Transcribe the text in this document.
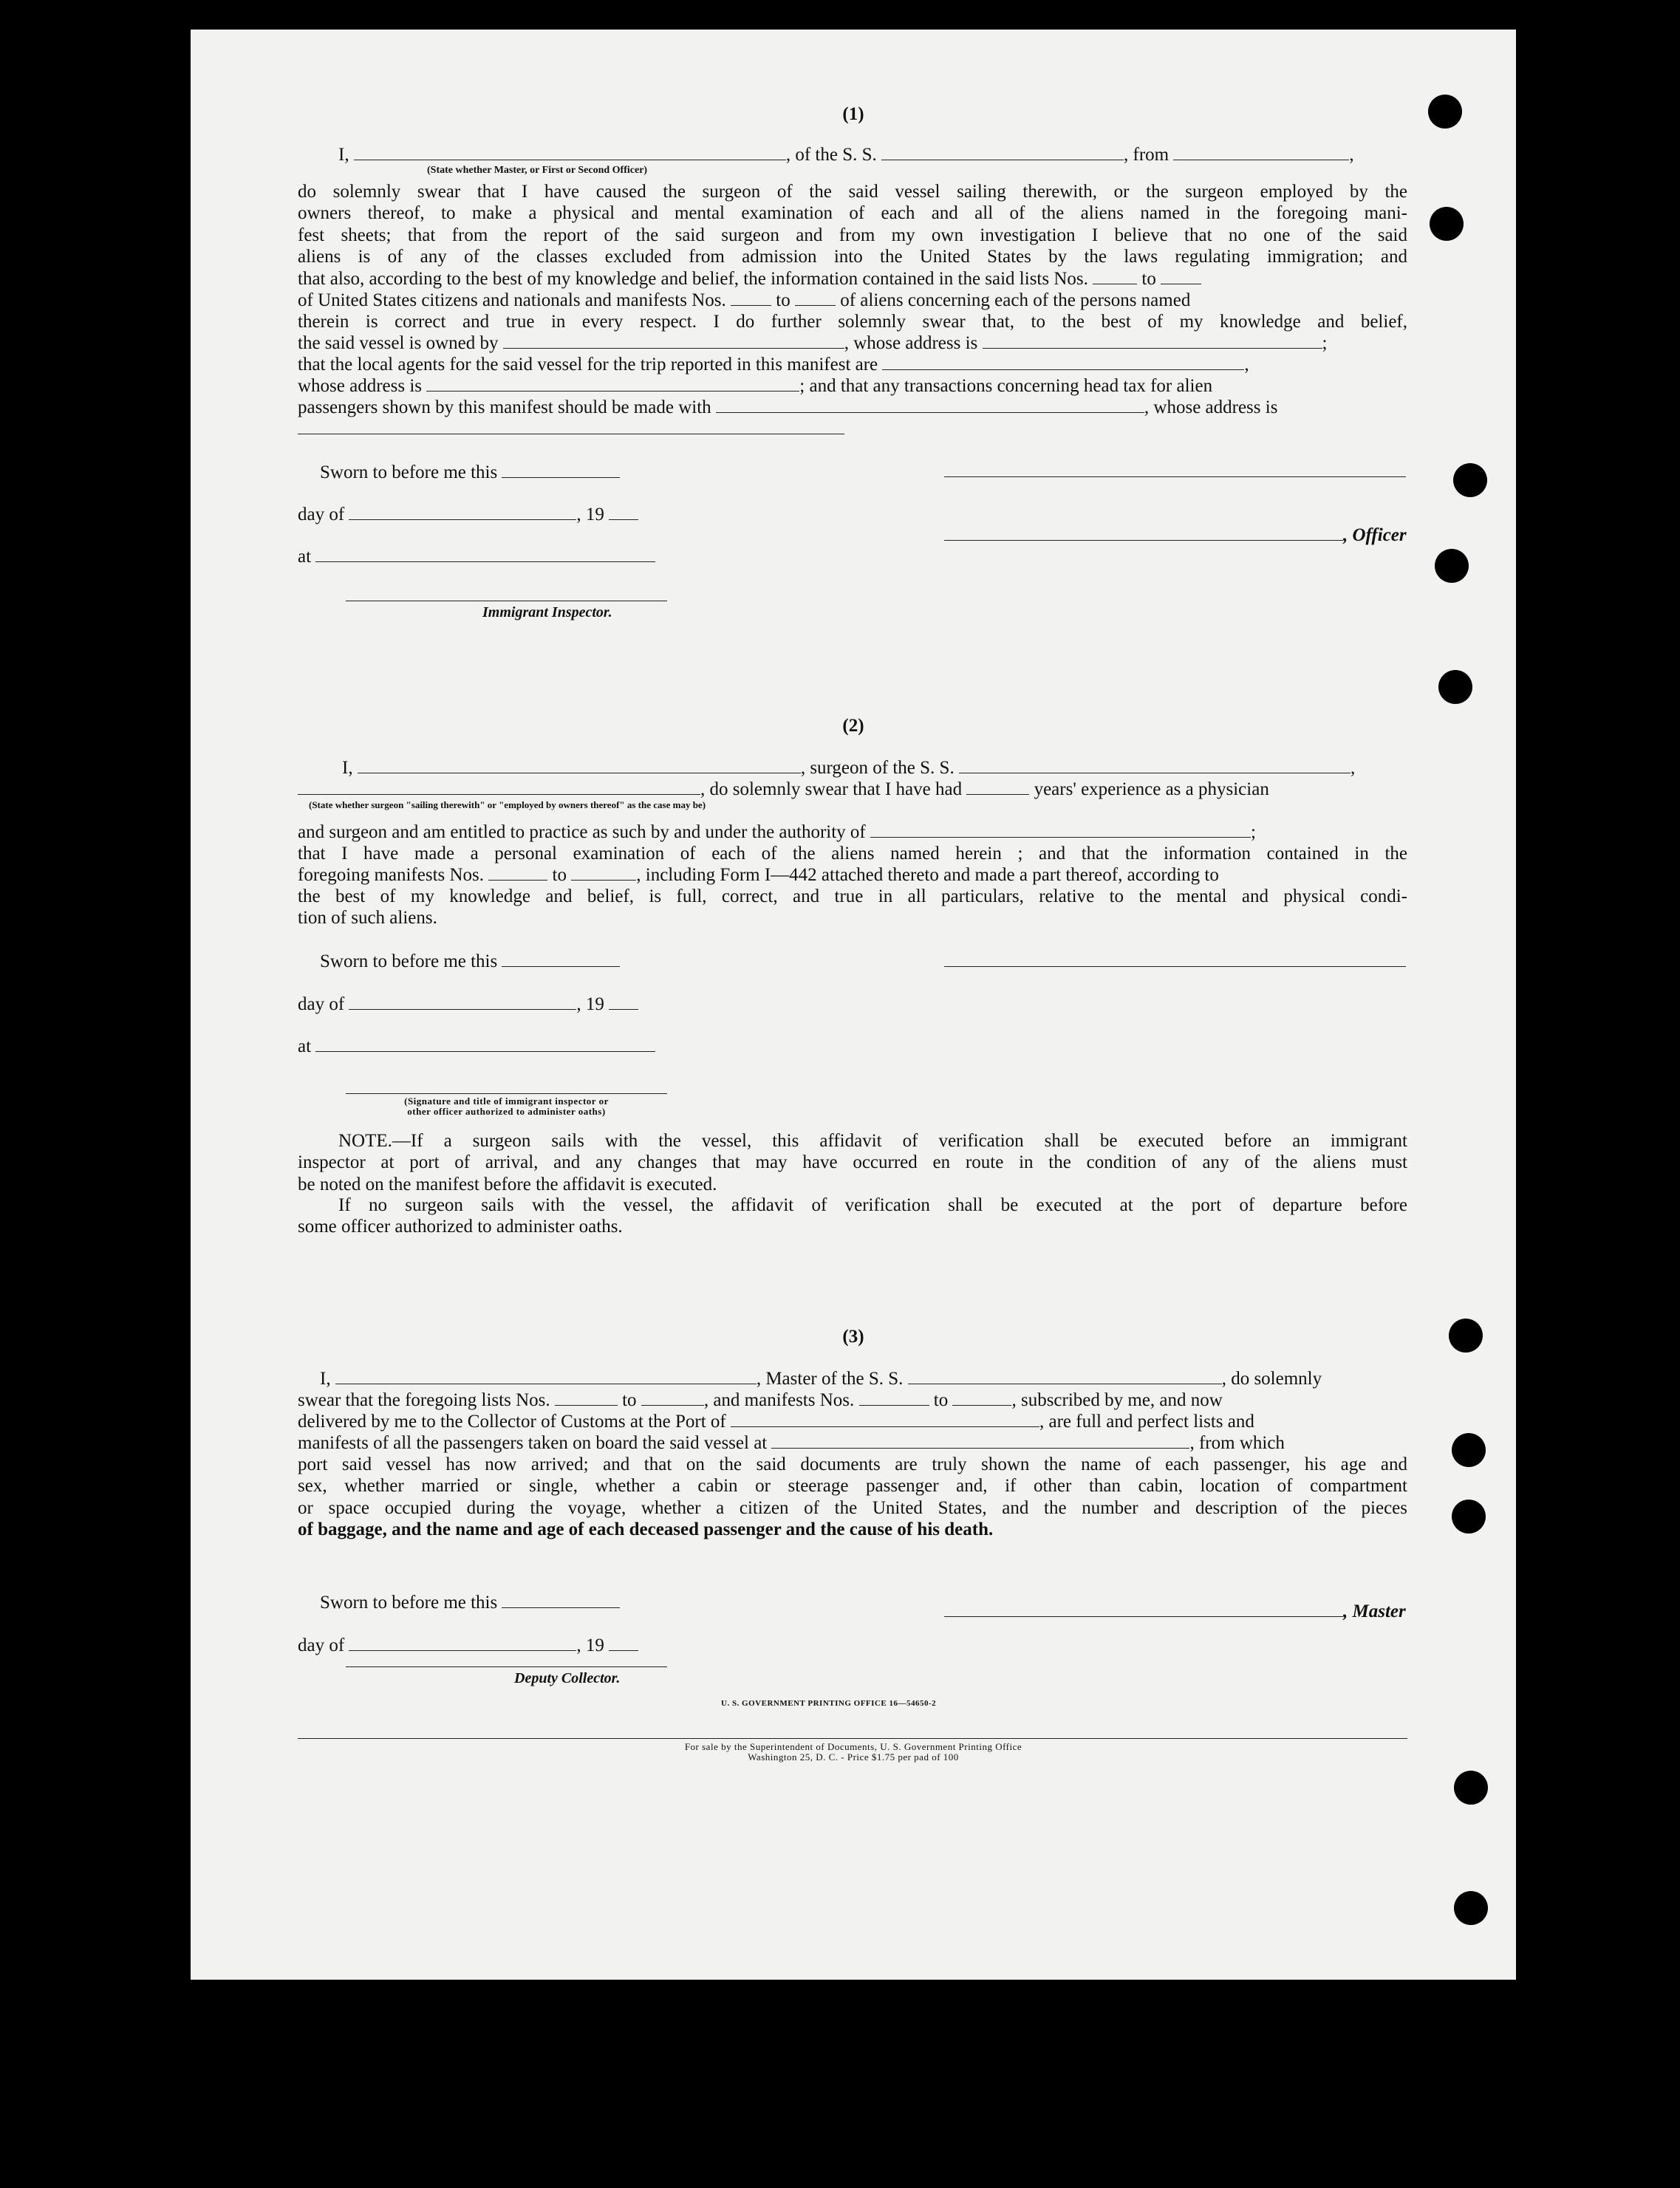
(1)
I,	, of the S. S.	, from	,
(State whether Master, or First or Second Officer)
do solemnly swear that I have caused the surgeon of the said vessel sailing therewith, or the surgeon employed by the
owners thereof, to make a physical and mental examination of each and all of the aliens named in the foregoing mani-
fest sheets; that from the report of the said surgeon and from my own investigation I believe that no one of the said
aliens is of any of the classes excluded from admission into the United States by the laws regulating immigration; and
that also, according to the best of my knowledge and belief, the information contained in the said lists Nos.	to
of United States citizens and nationals and manifests Nos.	to	of aliens concerning each of the persons named
therein is correct and true in every respect. I do further solemnly swear that, to the best of my knowledge and belief,
the said vessel is owned by	, whose address is	;
that the local agents for the said vessel for the trip reported in this manifest are	,
whose address is	; and that any transactions concerning head tax for alien
passengers shown by this manifest should be made with	, whose address is
Sworn to before me this
day of	, 19
, Officer
at
Immigrant Inspector.
(2)
I,	, surgeon of the S. S.	,
, do solemnly swear that I have had	years' experience as a physician
(State whether surgeon "sailing therewith" or "employed by owners thereof" as the case may be)
and surgeon and am entitled to practice as such by and under the authority of	;
that I have made a personal examination of each of the aliens named herein ; and that the information contained in the
foregoing manifests Nos.	to	, including Form I—442 attached thereto and made a part thereof, according to
the best of my knowledge and belief, is full, correct, and true in all particulars, relative to the mental and physical condi-
tion of such aliens.
Sworn to before me this
day of	, 19
at
(Signature and title of immigrant inspector or
other officer authorized to administer oaths)
NOTE.—If a surgeon sails with the vessel, this affidavit of verification shall be executed before an immigrant
inspector at port of arrival, and any changes that may have occurred en route in the condition of any of the aliens must
be noted on the manifest before the affidavit is executed.
If no surgeon sails with the vessel, the affidavit of verification shall be executed at the port of departure before
some officer authorized to administer oaths.
(3)
I,	, Master of the S. S.	, do solemnly
swear that the foregoing lists Nos.	to	, and manifests Nos.	to	, subscribed by me, and now
delivered by me to the Collector of Customs at the Port of	, are full and perfect lists and
manifests of all the passengers taken on board the said vessel at	, from which
port said vessel has now arrived; and that on the said documents are truly shown the name of each passenger, his age and
sex, whether married or single, whether a cabin or steerage passenger and, if other than cabin, location of compartment
or space occupied during the voyage, whether a citizen of the United States, and the number and description of the pieces
of baggage, and the name and age of each deceased passenger and the cause of his death.
Sworn to before me this	, Master
day of	, 19
Deputy Collector.
U. S. GOVERNMENT PRINTING OFFICE 16—54650-2
For sale by the Superintendent of Documents, U. S. Government Printing Office
Washington 25, D. C. - Price $1.75 per pad of 100
